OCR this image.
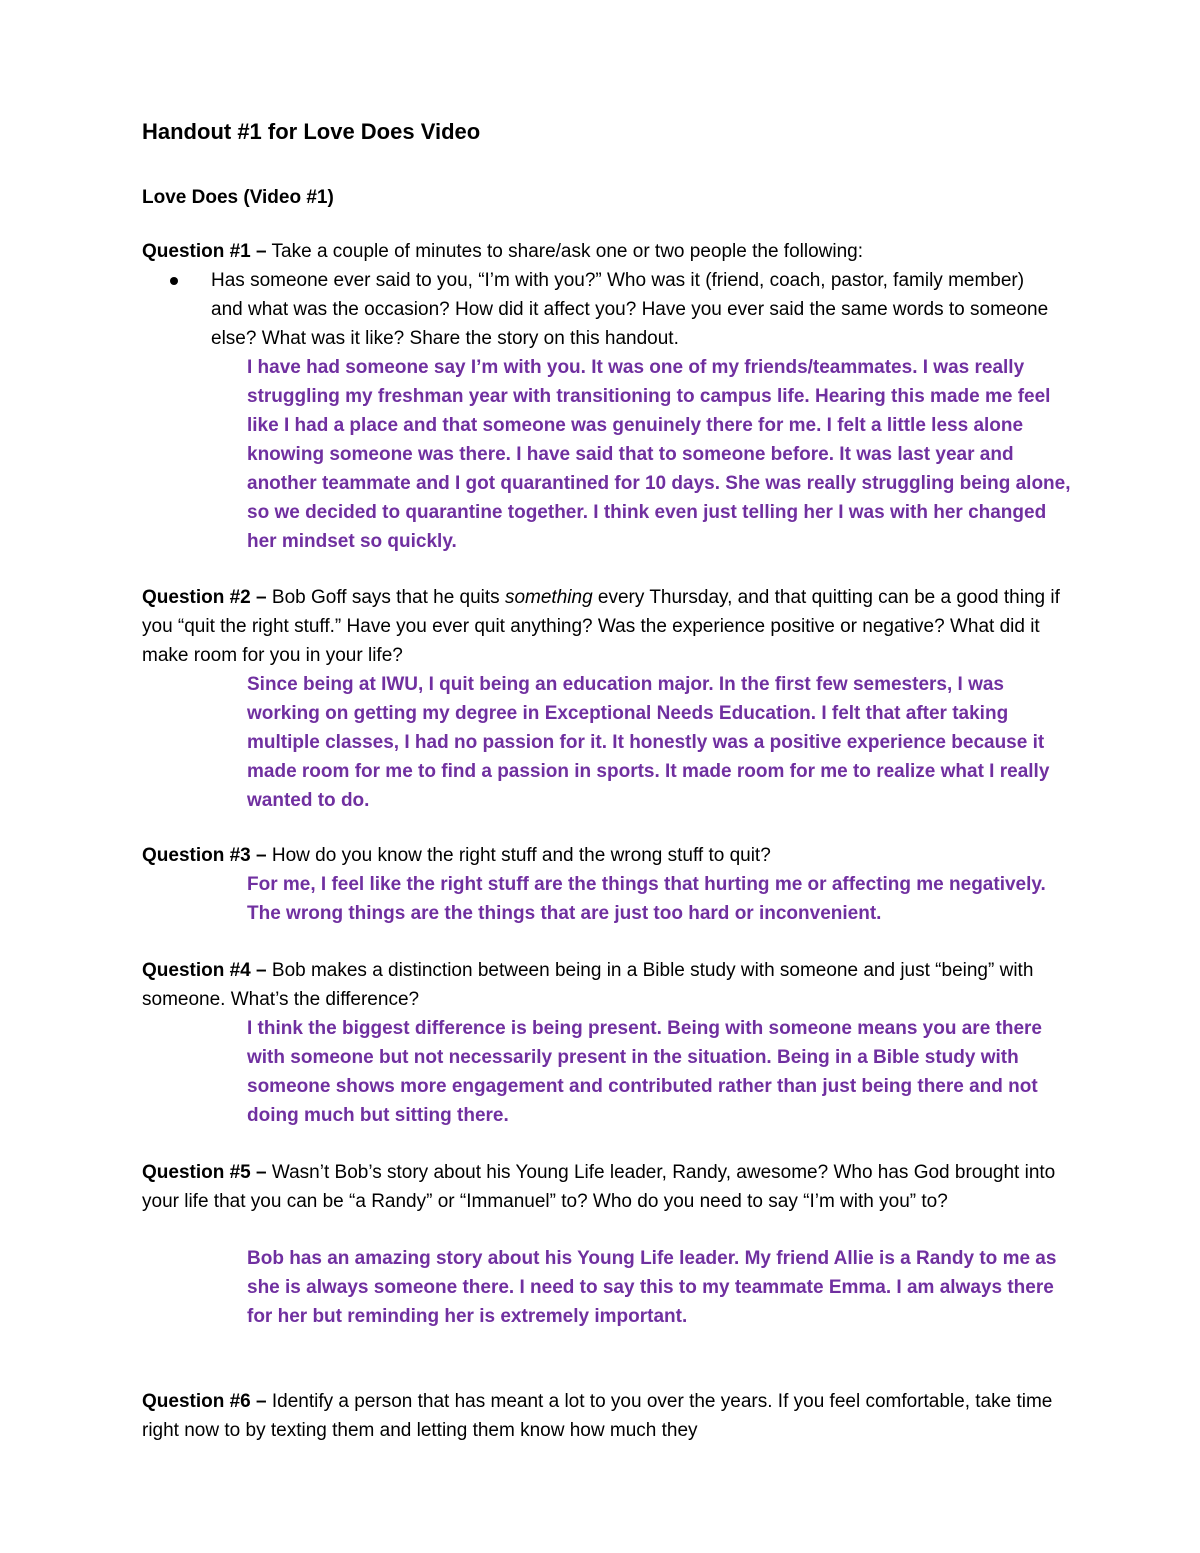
Handout #1 for Love Does Video
Love Does (Video #1)
Question #1 – Take a couple of minutes to share/ask one or two people the following:
Has someone ever said to you, “I’m with you?” Who was it (friend, coach, pastor, family member) and what was the occasion? How did it affect you? Have you ever said the same words to someone else? What was it like? Share the story on this handout.
I have had someone say I’m with you. It was one of my friends/teammates. I was really struggling my freshman year with transitioning to campus life. Hearing this made me feel like I had a place and that someone was genuinely there for me. I felt a little less alone knowing someone was there. I have said that to someone before. It was last year and another teammate and I got quarantined for 10 days. She was really struggling being alone, so we decided to quarantine together. I think even just telling her I was with her changed her mindset so quickly.
Question #2 – Bob Goff says that he quits something every Thursday, and that quitting can be a good thing if you “quit the right stuff.” Have you ever quit anything? Was the experience positive or negative? What did it make room for you in your life?
Since being at IWU, I quit being an education major. In the first few semesters, I was working on getting my degree in Exceptional Needs Education. I felt that after taking multiple classes, I had no passion for it. It honestly was a positive experience because it made room for me to find a passion in sports. It made room for me to realize what I really wanted to do.
Question #3 – How do you know the right stuff and the wrong stuff to quit?
For me, I feel like the right stuff are the things that hurting me or affecting me negatively. The wrong things are the things that are just too hard or inconvenient.
Question #4 – Bob makes a distinction between being in a Bible study with someone and just “being” with someone. What’s the difference?
I think the biggest difference is being present. Being with someone means you are there with someone but not necessarily present in the situation. Being in a Bible study with someone shows more engagement and contributed rather than just being there and not doing much but sitting there.
Question #5 – Wasn’t Bob’s story about his Young Life leader, Randy, awesome? Who has God brought into your life that you can be “a Randy” or “Immanuel” to? Who do you need to say “I’m with you” to?
Bob has an amazing story about his Young Life leader. My friend Allie is a Randy to me as she is always someone there. I need to say this to my teammate Emma. I am always there for her but reminding her is extremely important.
Question #6 – Identify a person that has meant a lot to you over the years. If you feel comfortable, take time right now to by texting them and letting them know how much they
